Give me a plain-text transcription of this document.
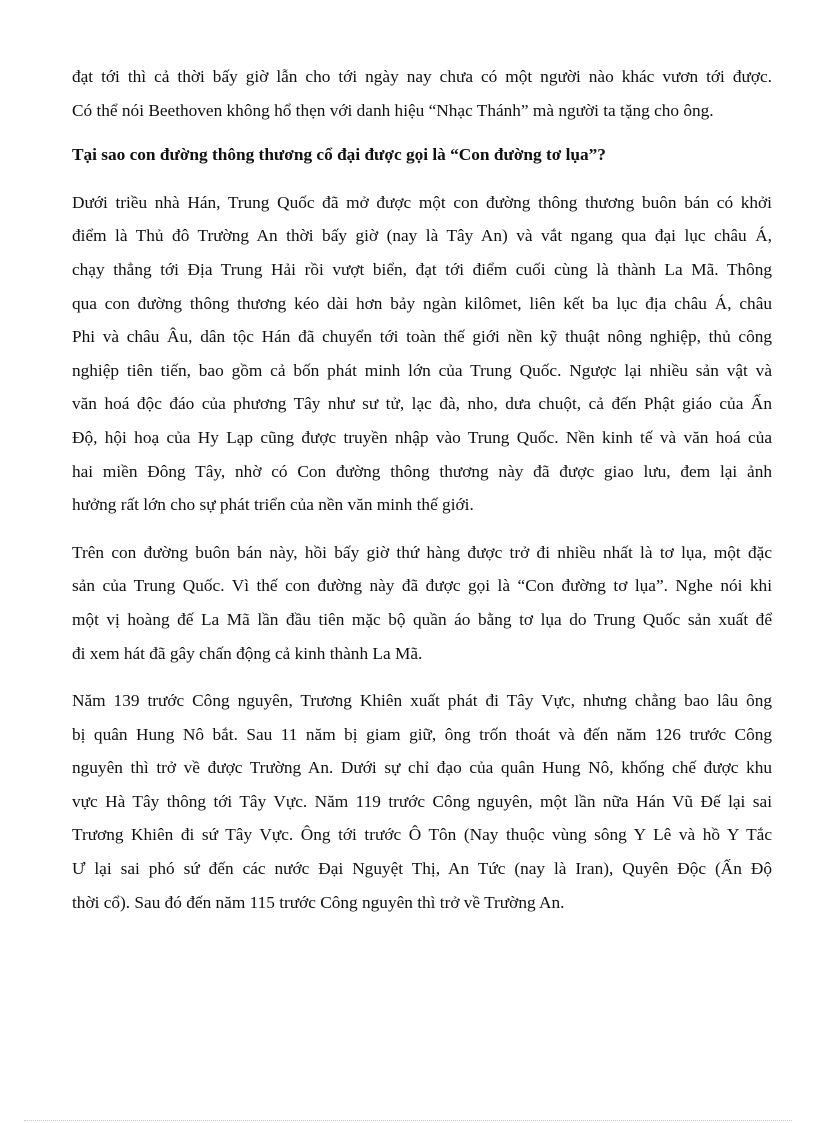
đạt tới thì cả thời bấy giờ lẫn cho tới ngày nay chưa có một người nào khác vươn tới được.
Có thể nói Beethoven không hổ thẹn với danh hiệu “Nhạc Thánh” mà người ta tặng cho ông.

Tại sao con đường thông thương cổ đại được gọi là “Con đường tơ lụa”?

Dưới triều nhà Hán, Trung Quốc đã mở được một con đường thông thương buôn bán có khởi
điểm là Thủ đô Trường An thời bấy giờ (nay là Tây An) và vắt ngang qua đại lục châu Á,
chạy thẳng tới Địa Trung Hải rồi vượt biển, đạt tới điểm cuối cùng là thành La Mã. Thông
qua con đường thông thương kéo dài hơn bảy ngàn kilômet, liên kết ba lục địa châu Á, châu
Phi và châu Âu, dân tộc Hán đã chuyển tới toàn thế giới nền kỹ thuật nông nghiệp, thủ công
nghiệp tiên tiến, bao gồm cả bốn phát minh lớn của Trung Quốc. Ngược lại nhiều sản vật và
văn hoá độc đáo của phương Tây như sư tử, lạc đà, nho, dưa chuột, cả đến Phật giáo của Ấn
Độ, hội hoạ của Hy Lạp cũng được truyền nhập vào Trung Quốc. Nền kinh tế và văn hoá của
hai miền Đông Tây, nhờ có Con đường thông thương này đã được giao lưu, đem lại ảnh
hưởng rất lớn cho sự phát triển của nền văn minh thế giới.

Trên con đường buôn bán này, hồi bấy giờ thứ hàng được trở đi nhiều nhất là tơ lụa, một đặc
sản của Trung Quốc. Vì thế con đường này đã được gọi là “Con đường tơ lụa”. Nghe nói khi
một vị hoàng đế La Mã lần đầu tiên mặc bộ quần áo bằng tơ lụa do Trung Quốc sản xuất để
đi xem hát đã gây chấn động cả kinh thành La Mã.

Năm 139 trước Công nguyên, Trương Khiên xuất phát đi Tây Vực, nhưng chẳng bao lâu ông
bị quân Hung Nô bắt. Sau 11 năm bị giam giữ, ông trốn thoát và đến năm 126 trước Công
nguyên thì trở về được Trường An. Dưới sự chỉ đạo của quân Hung Nô, khống chế được khu
vực Hà Tây thông tới Tây Vực. Năm 119 trước Công nguyên, một lần nữa Hán Vũ Đế lại sai
Trương Khiên đi sứ Tây Vực. Ông tới trước Ô Tôn (Nay thuộc vùng sông Y Lê và hồ Y Tắc
Ư lại sai phó sứ đến các nước Đại Nguyệt Thị, An Tức (nay là Iran), Quyên Độc (Ấn Độ
thời cổ). Sau đó đến năm 115 trước Công nguyên thì trở về Trường An.
